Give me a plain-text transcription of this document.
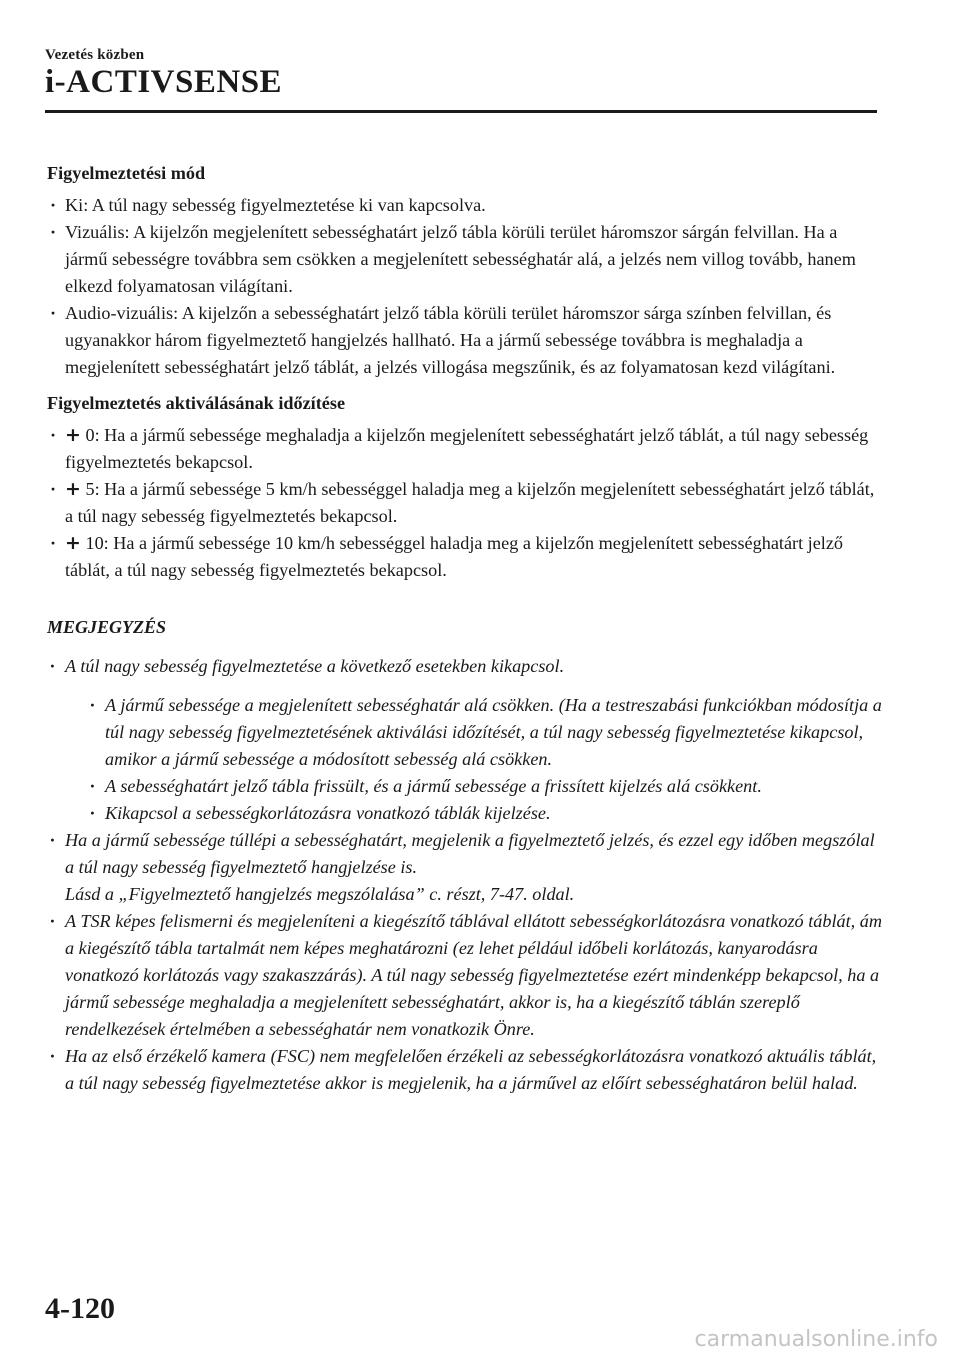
Vezetés közben
i-ACTIVSENSE
Figyelmeztetési mód
· Ki: A túl nagy sebesség figyelmeztetése ki van kapcsolva.
· Vizuális: A kijelzőn megjelenített sebességhatárt jelző tábla körüli terület háromszor sárgán felvillan. Ha a jármű sebességre továbbra sem csökken a megjelenített sebességhatár alá, a jelzés nem villog tovább, hanem elkezd folyamatosan világítani.
· Audio-vizuális: A kijelzőn a sebességhatárt jelző tábla körüli terület háromszor sárga színben felvillan, és ugyanakkor három figyelmeztető hangjelzés hallható. Ha a jármű sebessége továbbra is meghaladja a megjelenített sebességhatárt jelző táblát, a jelzés villogása megszűnik, és az folyamatosan kezd világítani.
Figyelmeztetés aktiválásának időzítése
· + 0: Ha a jármű sebessége meghaladja a kijelzőn megjelenített sebességhatárt jelző táblát, a túl nagy sebesség figyelmeztetés bekapcsol.
· + 5: Ha a jármű sebessége 5 km/h sebességgel haladja meg a kijelzőn megjelenített sebességhatárt jelző táblát, a túl nagy sebesség figyelmeztetés bekapcsol.
· + 10: Ha a jármű sebessége 10 km/h sebességgel haladja meg a kijelzőn megjelenített sebességhatárt jelző táblát, a túl nagy sebesség figyelmeztetés bekapcsol.
MEGJEGYZÉS
· A túl nagy sebesség figyelmeztetése a következő esetekben kikapcsol.
· A jármű sebessége a megjelenített sebességhatár alá csökken. (Ha a testreszabási funkciókban módosítja a túl nagy sebesség figyelmeztetésének aktiválási időzítését, a túl nagy sebesség figyelmeztetése kikapcsol, amikor a jármű sebessége a módosított sebesség alá csökken.
· A sebességhatárt jelző tábla frissült, és a jármű sebessége a frissített kijelzés alá csökkent.
· Kikapcsol a sebességkorlátozásra vonatkozó táblák kijelzése.
· Ha a jármű sebessége túllépi a sebességhatárt, megjelenik a figyelmeztető jelzés, és ezzel egy időben megszólal a túl nagy sebesség figyelmeztető hangjelzése is.
Lásd a „Figyelmeztető hangjelzés megszólalása” c. részt, 7-47. oldal.
· A TSR képes felismerni és megjeleníteni a kiegészítő táblával ellátott sebességkorlátozásra vonatkozó táblát, ám a kiegészítő tábla tartalmát nem képes meghatározni (ez lehet például időbeli korlátozás, kanyarodásra vonatkozó korlátozás vagy szakaszzárás). A túl nagy sebesség figyelmeztetése ezért mindenképp bekapcsol, ha a jármű sebessége meghaladja a megjelenített sebességhatárt, akkor is, ha a kiegészítő táblán szereplő rendelkezések értelmében a sebességhatár nem vonatkozik Önre.
· Ha az első érzékelő kamera (FSC) nem megfelelően érzékeli az sebességkorlátozásra vonatkozó aktuális táblát, a túl nagy sebesség figyelmeztetése akkor is megjelenik, ha a járművel az előírt sebességhatáron belül halad.
4-120
carmanualsonline.info
